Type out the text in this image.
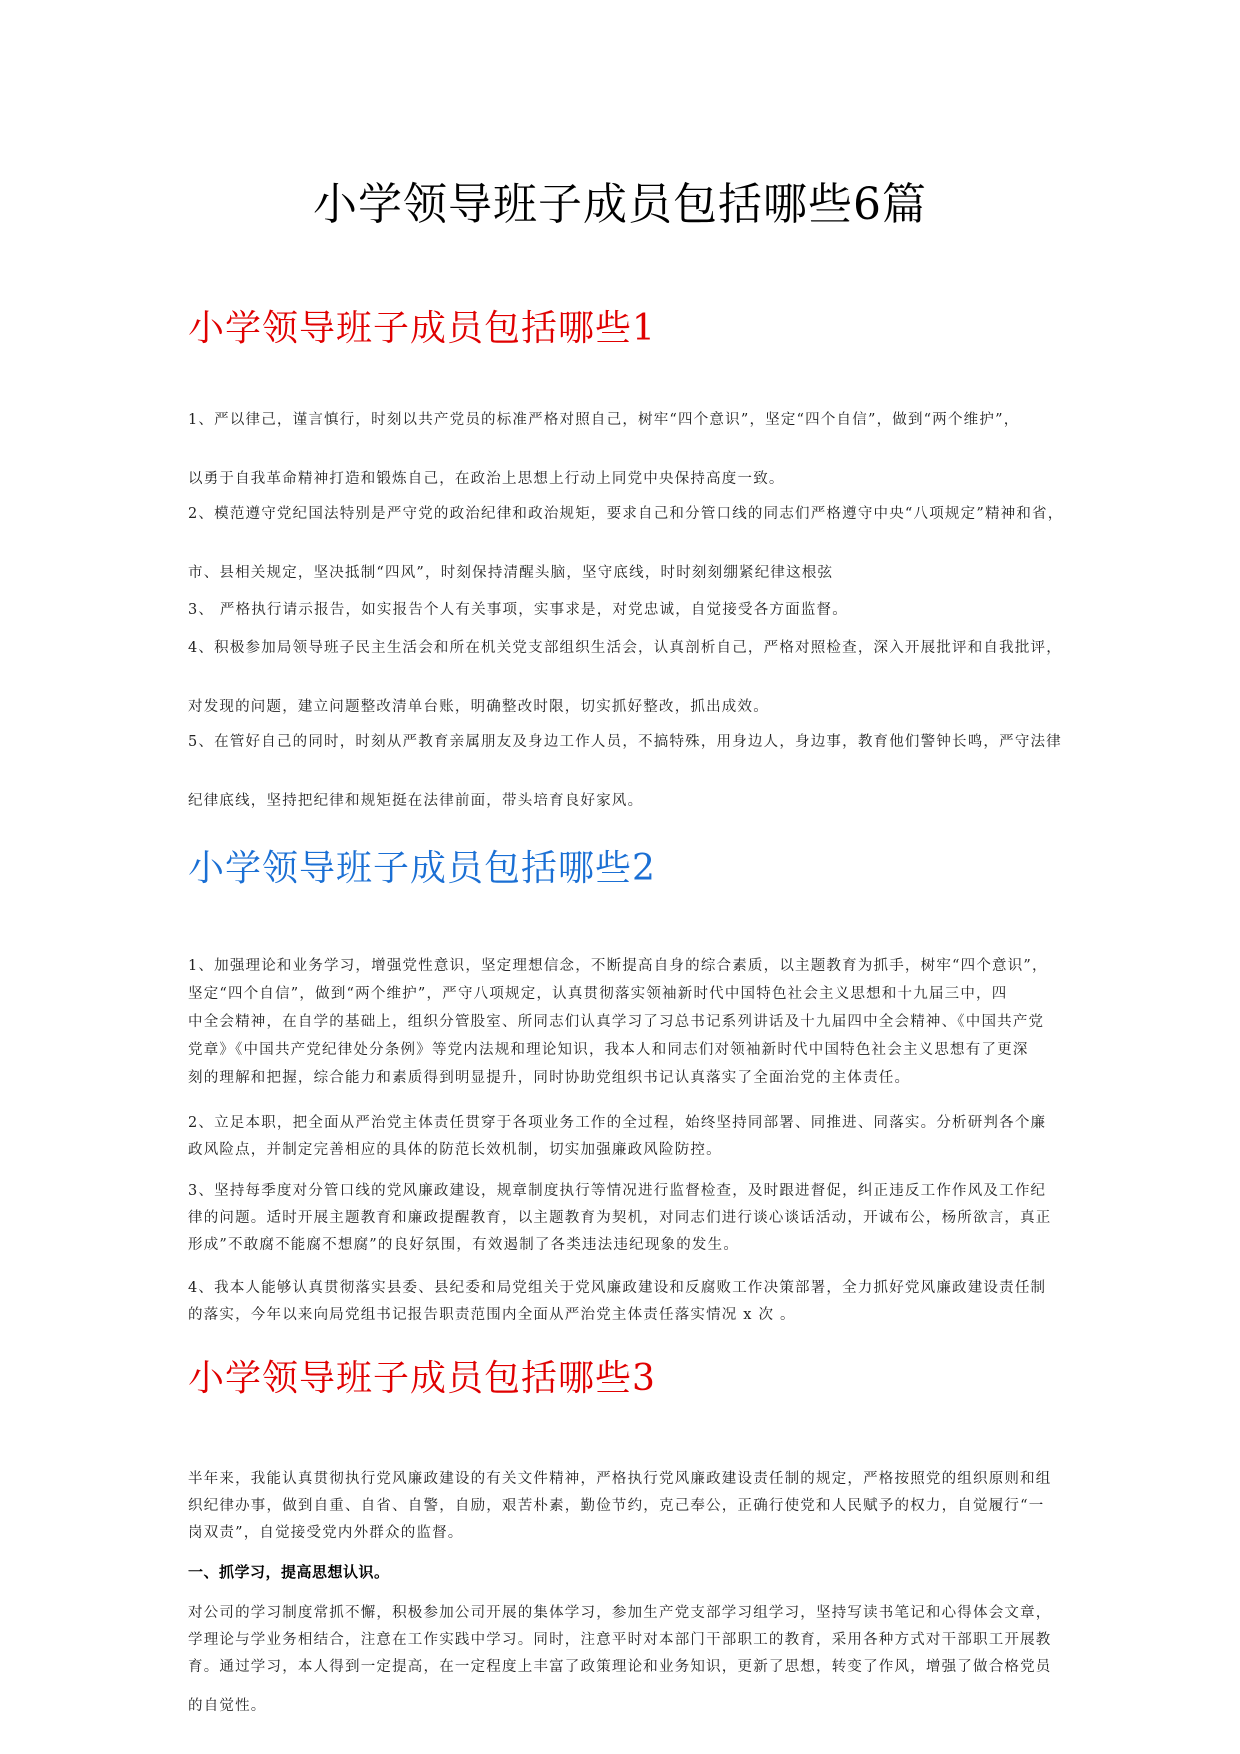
小学领导班子成员包括哪些6篇
小学领导班子成员包括哪些1
1、严以律己，谨言慎行，时刻以共产党员的标准严格对照自己，树牢“四个意识”，坚定“四个自信”，做到“两个维护”，
以勇于自我革命精神打造和锻炼自己，在政治上思想上行动上同党中央保持高度一致。
2、模范遵守党纪国法特别是严守党的政治纪律和政治规矩，要求自己和分管口线的同志们严格遵守中央“八项规定”精神和省，
市、县相关规定，坚决抵制“四风”，时刻保持清醒头脑，坚守底线，时时刻刻绷紧纪律这根弦
3、 严格执行请示报告，如实报告个人有关事项，实事求是，对党忠诚，自觉接受各方面监督。
4、积极参加局领导班子民主生活会和所在机关党支部组织生活会，认真剖析自己，严格对照检查，深入开展批评和自我批评，
对发现的问题，建立问题整改清单台账，明确整改时限，切实抓好整改，抓出成效。
5、在管好自己的同时，时刻从严教育亲属朋友及身边工作人员，不搞特殊，用身边人，身边事，教育他们警钟长鸣，严守法律
纪律底线，坚持把纪律和规矩挺在法律前面，带头培育良好家风。
小学领导班子成员包括哪些2
1、加强理论和业务学习，增强党性意识，坚定理想信念，不断提高自身的综合素质，以主题教育为抓手，树牢“四个意识”，
坚定“四个自信”，做到“两个维护”，严守八项规定，认真贯彻落实领袖新时代中国特色社会主义思想和十九届三中，四
中全会精神，在自学的基础上，组织分管股室、所同志们认真学习了习总书记系列讲话及十九届四中全会精神、《中国共产党
党章》《中国共产党纪律处分条例》等党内法规和理论知识，我本人和同志们对领袖新时代中国特色社会主义思想有了更深
刻的理解和把握，综合能力和素质得到明显提升，同时协助党组织书记认真落实了全面治党的主体责任。
2、立足本职，把全面从严治党主体责任贯穿于各项业务工作的全过程，始终坚持同部署、同推进、同落实。分析研判各个廉政风险点，并制定完善相应的具体的防范长效机制，切实加强廉政风险防控。
3、坚持每季度对分管口线的党风廉政建设，规章制度执行等情况进行监督检查，及时跟进督促，纠正违反工作作风及工作纪律的问题。适时开展主题教育和廉政提醒教育，以主题教育为契机，对同志们进行谈心谈话活动，开诚布公，杨所欲言，真正形成”不敢腐不能腐不想腐”的良好氛围，有效遏制了各类违法违纪现象的发生。
4、我本人能够认真贯彻落实县委、县纪委和局党组关于党风廉政建设和反腐败工作决策部署，全力抓好党风廉政建设责任制的落实，今年以来向局党组书记报告职责范围内全面从严治党主体责任落实情况 x 次 。
小学领导班子成员包括哪些3
半年来，我能认真贯彻执行党风廉政建设的有关文件精神，严格执行党风廉政建设责任制的规定，严格按照党的组织原则和组织纪律办事，做到自重、自省、自警，自励，艰苦朴素，勤俭节约，克己奉公，正确行使党和人民赋予的权力，自觉履行“一岗双责”，自觉接受党内外群众的监督。
一、抓学习，提高思想认识。
对公司的学习制度常抓不懈，积极参加公司开展的集体学习，参加生产党支部学习组学习，坚持写读书笔记和心得体会文章，学理论与学业务相结合，注意在工作实践中学习。同时，注意平时对本部门干部职工的教育，采用各种方式对干部职工开展教育。通过学习，本人得到一定提高，在一定程度上丰富了政策理论和业务知识，更新了思想，转变了作风，增强了做合格党员
的自觉性。
